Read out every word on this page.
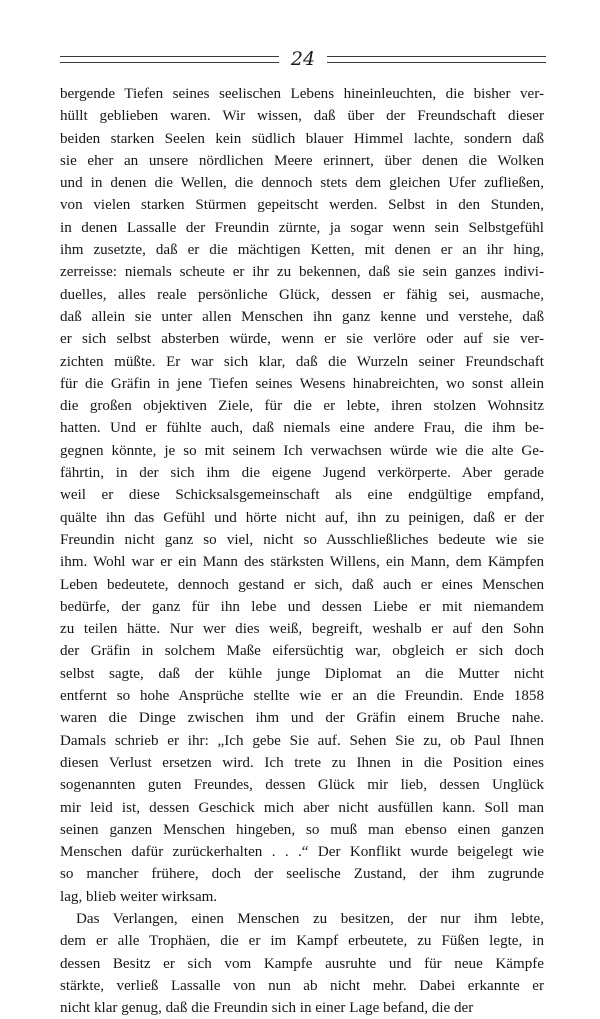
24
bergende Tiefen seines seelischen Lebens hineinleuchten, die bisher ver-
hüllt geblieben waren. Wir wissen, daß über der Freundschaft dieser
beiden starken Seelen kein südlich blauer Himmel lachte, sondern daß
sie eher an unsere nördlichen Meere erinnert, über denen die Wolken
und in denen die Wellen, die dennoch stets dem gleichen Ufer zufließen,
von vielen starken Stürmen gepeitscht werden. Selbst in den Stunden,
in denen Lassalle der Freundin zürnte, ja sogar wenn sein Selbstgefühl
ihm zusetzte, daß er die mächtigen Ketten, mit denen er an ihr hing,
zerreisse: niemals scheute er ihr zu bekennen, daß sie sein ganzes indivi-
duelles, alles reale persönliche Glück, dessen er fähig sei, ausmache,
daß allein sie unter allen Menschen ihn ganz kenne und verstehe, daß
er sich selbst absterben würde, wenn er sie verlöre oder auf sie ver-
zichten müßte. Er war sich klar, daß die Wurzeln seiner Freundschaft
für die Gräfin in jene Tiefen seines Wesens hinabreichten, wo sonst allein
die großen objektiven Ziele, für die er lebte, ihren stolzen Wohnsitz
hatten. Und er fühlte auch, daß niemals eine andere Frau, die ihm be-
gegnen könnte, je so mit seinem Ich verwachsen würde wie die alte Ge-
fährtin, in der sich ihm die eigene Jugend verkörperte. Aber gerade
weil er diese Schicksalsgemeinschaft als eine endgültige empfand,
quälte ihn das Gefühl und hörte nicht auf, ihn zu peinigen, daß er der
Freundin nicht ganz so viel, nicht so Ausschließliches bedeute wie sie
ihm. Wohl war er ein Mann des stärksten Willens, ein Mann, dem Kämpfen
Leben bedeutete, dennoch gestand er sich, daß auch er eines Menschen
bedürfe, der ganz für ihn lebe und dessen Liebe er mit niemandem
zu teilen hätte. Nur wer dies weiß, begreift, weshalb er auf den Sohn
der Gräfin in solchem Maße eifersüchtig war, obgleich er sich doch
selbst sagte, daß der kühle junge Diplomat an die Mutter nicht
entfernt so hohe Ansprüche stellte wie er an die Freundin. Ende 1858
waren die Dinge zwischen ihm und der Gräfin einem Bruche nahe.
Damals schrieb er ihr: „Ich gebe Sie auf. Sehen Sie zu, ob Paul Ihnen
diesen Verlust ersetzen wird. Ich trete zu Ihnen in die Position eines
sogenannten guten Freundes, dessen Glück mir lieb, dessen Unglück
mir leid ist, dessen Geschick mich aber nicht ausfüllen kann. Soll man
seinen ganzen Menschen hingeben, so muß man ebenso einen ganzen
Menschen dafür zurückerhalten . . .“ Der Konflikt wurde beigelegt wie
so mancher frühere, doch der seelische Zustand, der ihm zugrunde
lag, blieb weiter wirksam.
Das Verlangen, einen Menschen zu besitzen, der nur ihm lebte,
dem er alle Trophäen, die er im Kampf erbeutete, zu Füßen legte, in
dessen Besitz er sich vom Kampfe ausruhte und für neue Kämpfe
stärkte, verließ Lassalle von nun ab nicht mehr. Dabei erkannte er
nicht klar genug, daß die Freundin sich in einer Lage befand, die der
